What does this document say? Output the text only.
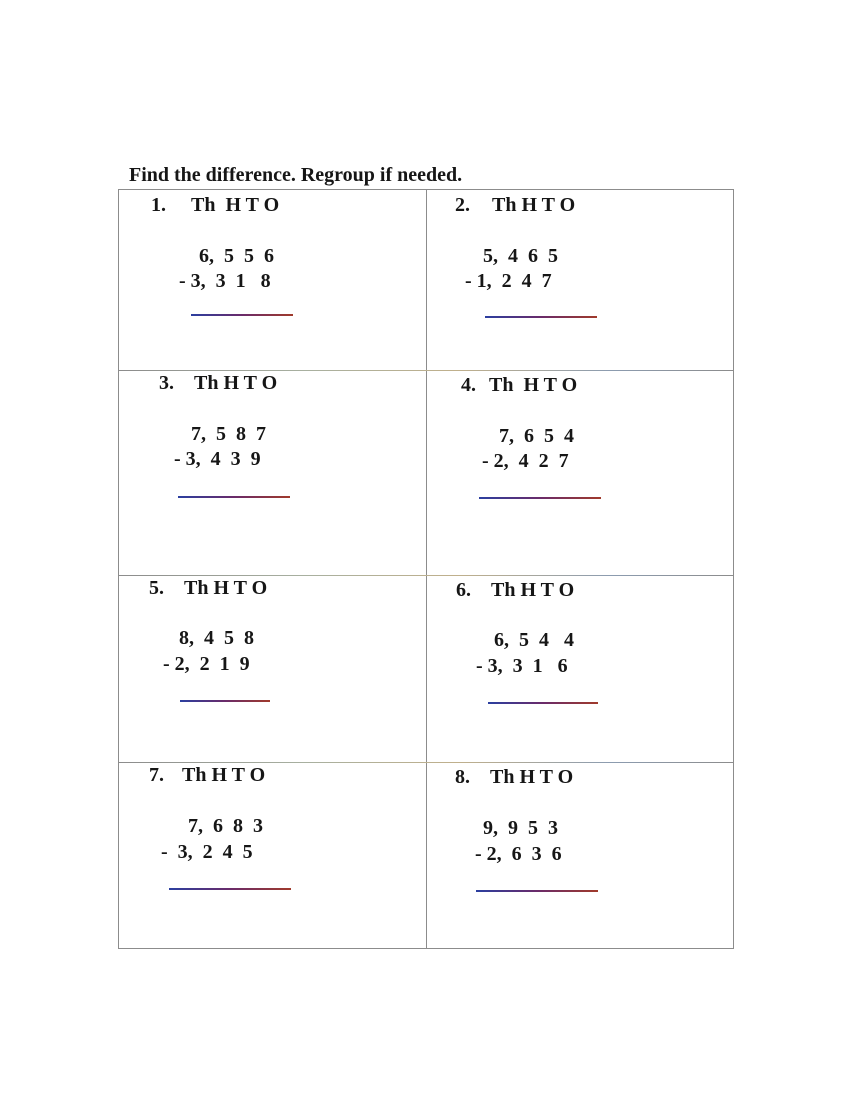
Find the difference. Regroup if needed.
1. Th  H T O
6,  5  5  6
- 3,  3  1   8
2. Th H T O
5,  4  6  5
- 1,  2  4  7
3. Th H T O
7,  5  8  7
- 3,  4  3  9
4. Th  H T O
7,  6  5  4
- 2,  4  2  7
5. Th H T O
8,  4  5  8
- 2,  2  1  9
6. Th H T O
6,  5  4   4
- 3,  3  1   6
7. Th H T O
7,  6  8  3
-  3,  2  4  5
8. Th H T O
9,  9  5  3
- 2,  6  3  6
